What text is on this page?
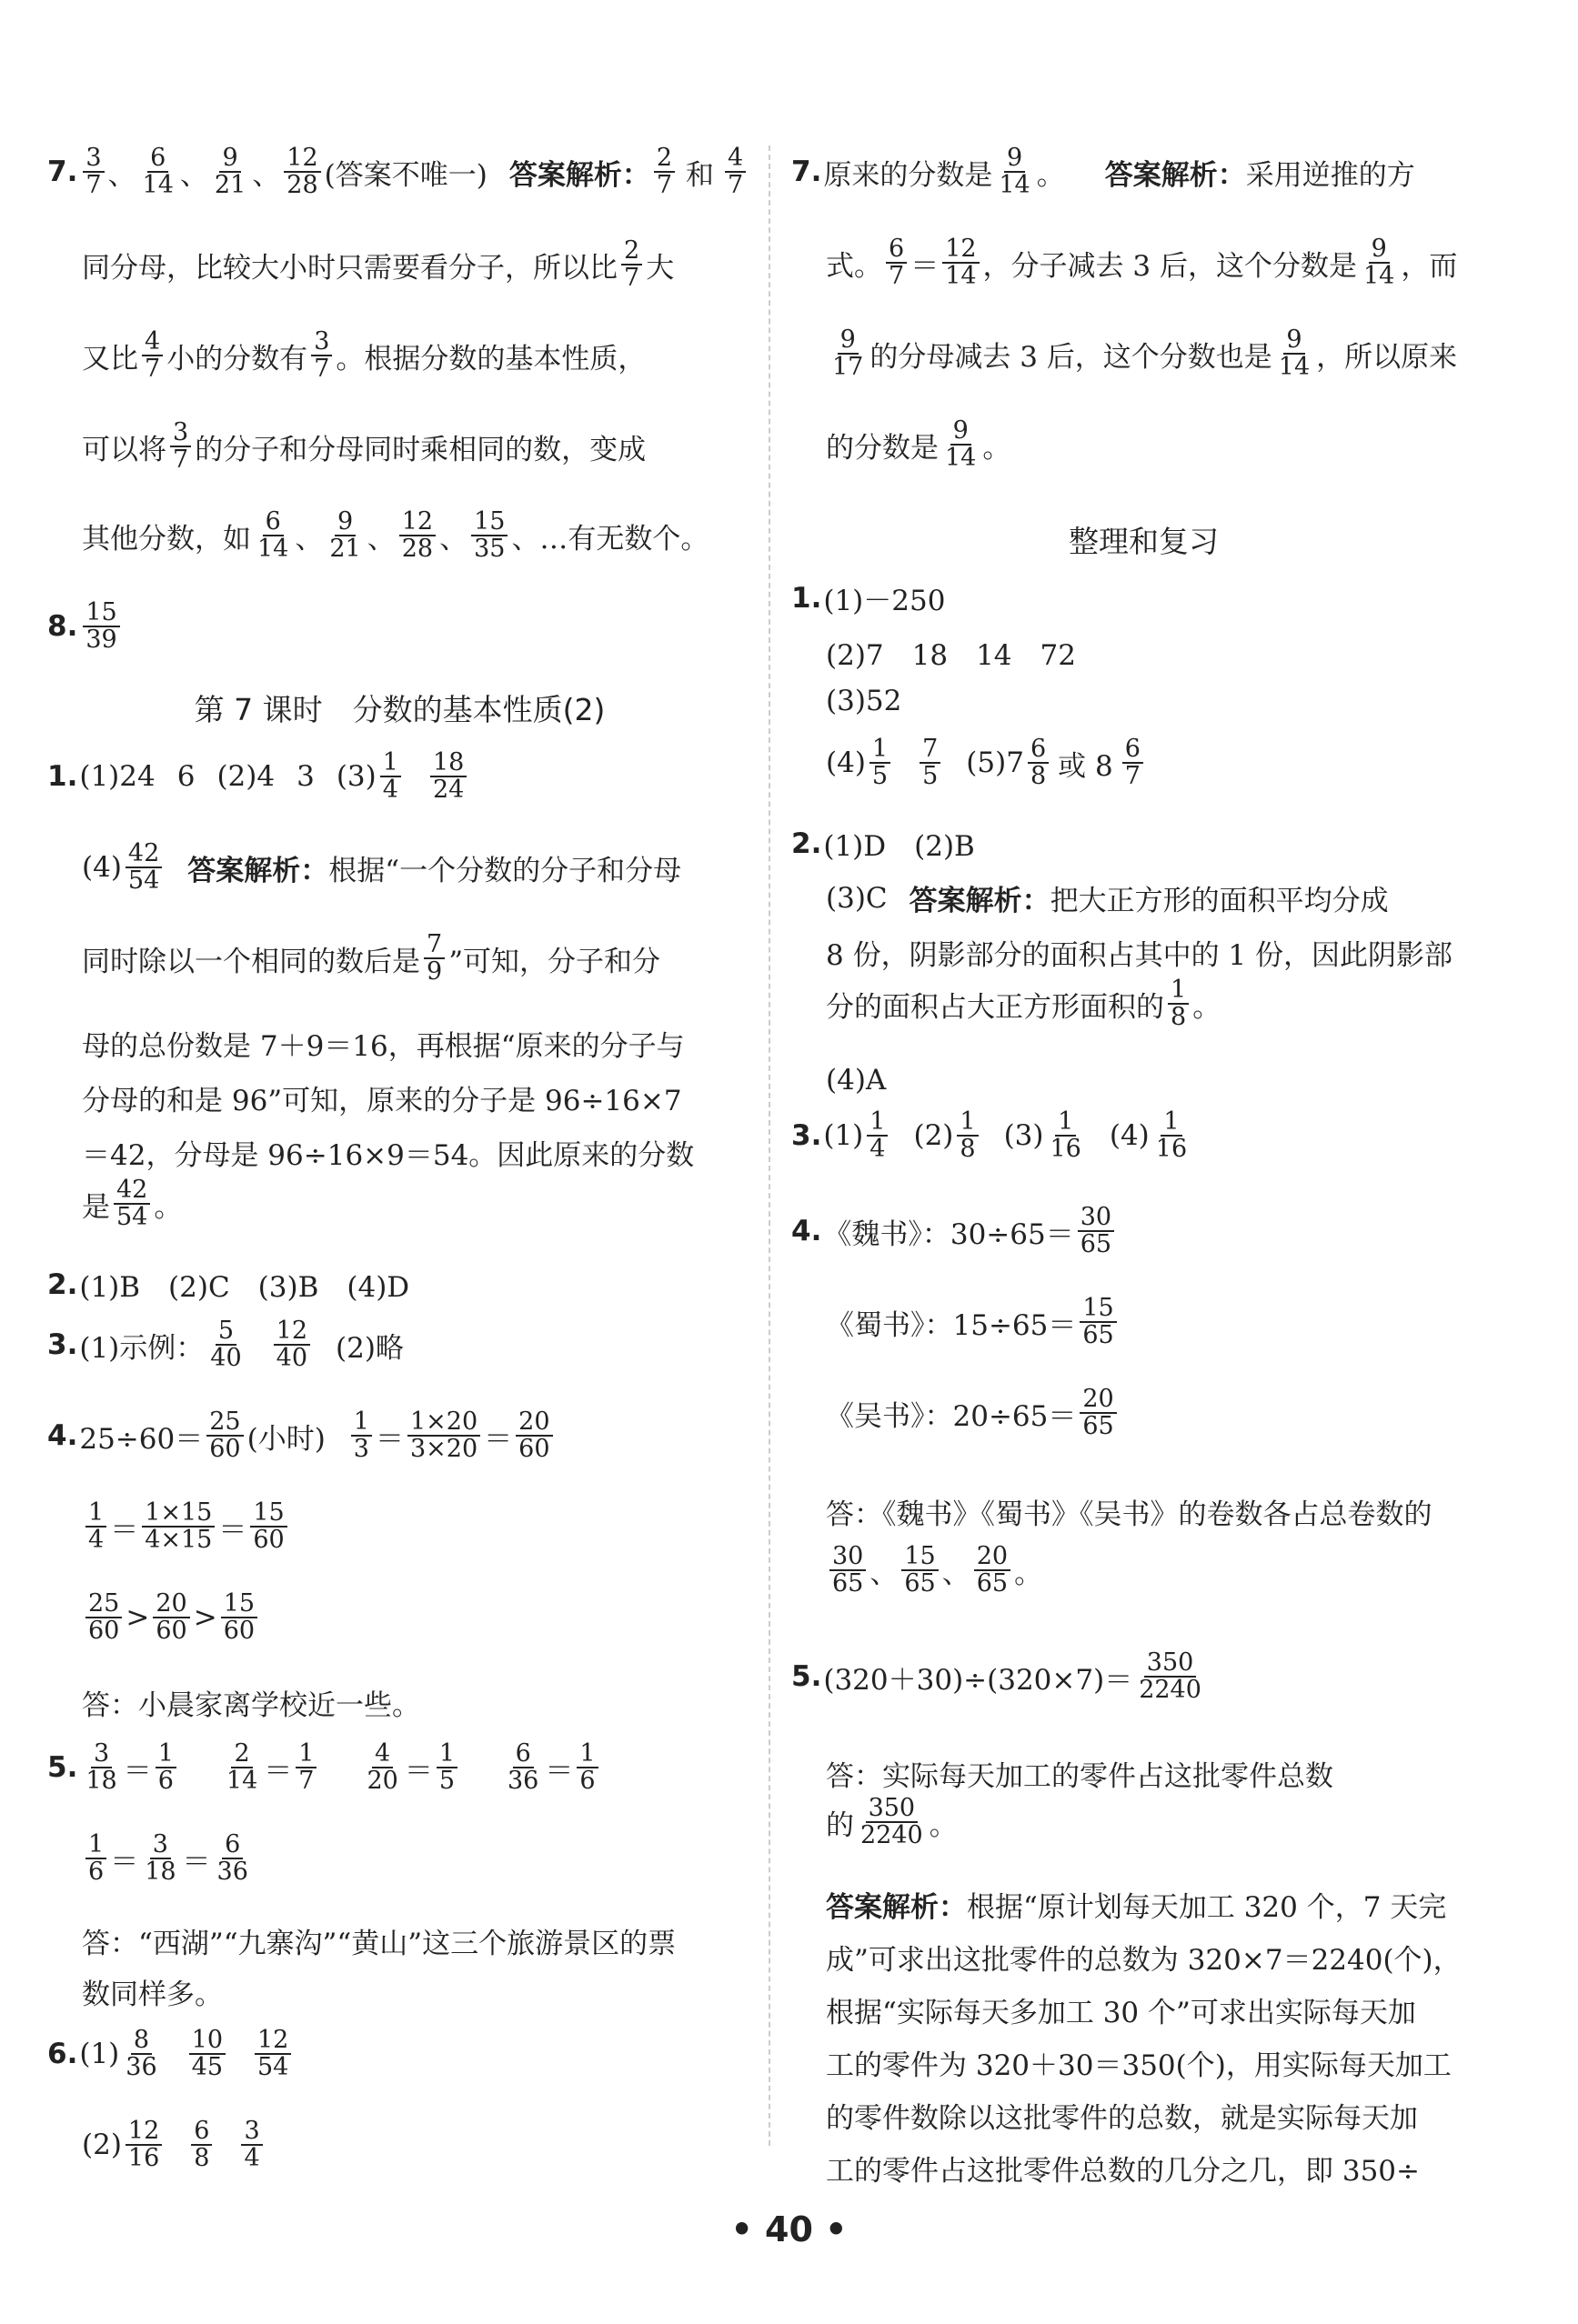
7. $\frac{3}{7}$ 、 $\frac{6}{14}$ 、 $\frac{9}{21}$ 、 $\frac{12}{28}$ (答案不唯一) 答案解析： $\frac{2}{7}$ 和 $\frac{4}{7}$
同分母，比较大小时只需要看分子，所以比 $\frac{2}{7}$ 大
又比 $\frac{4}{7}$ 小的分数有 $\frac{3}{7}$ 。根据分数的基本性质，
可以将 $\frac{3}{7}$ 的分子和分母同时乘相同的数，变成
其他分数，如 $\frac{6}{14}$ 、 $\frac{9}{21}$ 、 $\frac{12}{28}$ 、 $\frac{15}{35}$ 、…有无数个。
8. $\frac{15}{39}$
第 7 课时　分数的基本性质(2)
1. (1)24 6 (2)4 3 $(3) \frac{1}{4} \frac{18}{24}$
$(4) \frac{42}{54}$ 答案解析： 根据“一个分数的分子和分母
同时除以一个相同的数后是 $\frac{7}{9}$ ”可知，分子和分
母的总份数是 7＋9＝16，再根据“原来的分子与
分母的和是 96”可知，原来的分子是 96÷16×7
＝42，分母是 96÷16×9＝54。因此原来的分数
是 $\frac{42}{54}$ 。
2. (1)B　(2)C　(3)B　(4)D
3. (1)示例： $\frac{5}{40} \frac{12}{40} (2)$略
4. $25\div 60= \frac{25}{60}$ (小时) $\frac{1}{3} = \frac{1\times 20}{3\times 20} = \frac{20}{60}$
$\frac{1}{4} = \frac{1\times 15}{4\times 15} = \frac{15}{60}$
$\frac{25}{60} > \frac{20}{60} > \frac{15}{60}$
答：小晨家离学校近一些。
5. $\frac{3}{18} = \frac{1}{6} \frac{2}{14} = \frac{1}{7} \frac{4}{20} = \frac{1}{5} \frac{6}{36} = \frac{1}{6}$
$\frac{1}{6} = \frac{3}{18} = \frac{6}{36}$
答：“西湖”“九寨沟”“黄山”这三个旅游景区的票
数同样多。
6. $(1) \frac{8}{36} \frac{10}{45} \frac{12}{54}$
$(2) \frac{12}{16} \frac{6}{8} \frac{3}{4}$
7. 原来的分数是 $\frac{9}{14}$ 。 答案解析： 采用逆推的方
式。 $\frac{6}{7} = \frac{12}{14}$ ，分子减去 3 后，这个分数是 $\frac{9}{14}$ ，而
$\frac{9}{17}$ 的分母减去 3 后，这个分数也是 $\frac{9}{14}$ ，所以原来
的分数是 $\frac{9}{14}$ 。
整理和复习
1. (1)－250
(2)7　18　14　72
(3)52
$(4) \frac{1}{5} \frac{7}{5} (5)7 \frac{6}{8}$ 或 $8 \frac{6}{7}$
2. (1)D　(2)B
(3)C 答案解析： 把大正方形的面积平均分成
8 份，阴影部分的面积占其中的 1 份，因此阴影部
分的面积占大正方形面积的 $\frac{1}{8}$ 。
(4)A
3. $(1) \frac{1}{4} (2) \frac{1}{8} (3) \frac{1}{16} (4) \frac{1}{16}$
4. 《魏书》：$30\div 65= \frac{30}{65}$
《蜀书》：$15\div 65= \frac{15}{65}$
《吴书》：$20\div 65= \frac{20}{65}$
答：《魏书》《蜀书》《吴书》的卷数各占总卷数的
$\frac{30}{65}$ 、 $\frac{15}{65}$ 、 $\frac{20}{65}$ 。
5. $(320+30)\div(320\times 7)= \frac{350}{2240}$
答：实际每天加工的零件占这批零件总数
的 $\frac{350}{2240}$ 。
答案解析： 根据“原计划每天加工 320 个，7 天完
成”可求出这批零件的总数为 320×7＝2240(个)，
根据“实际每天多加工 30 个”可求出实际每天加
工的零件为 320＋30＝350(个)，用实际每天加工
的零件数除以这批零件的总数，就是实际每天加
工的零件占这批零件总数的几分之几，即 350÷
• 40 •
